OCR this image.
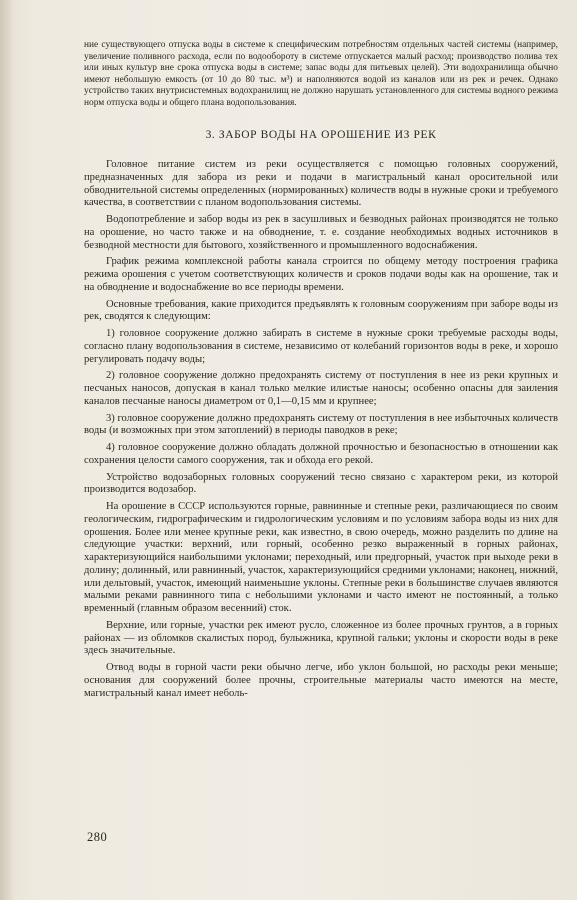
ние существующего отпуска воды в системе к специфическим потребностям отдельных частей системы (например, увеличение поливного расхода, если по водообороту в системе отпускается малый расход; производство полива тех или иных культур вне срока отпуска воды в системе; запас воды для питьевых целей). Эти водохранилища обычно имеют небольшую емкость (от 10 до 80 тыс. м³) и наполняются водой из каналов или из рек и речек. Однако устройство таких внутрисистемных водохранилищ не должно нарушать установленного для системы водного режима норм отпуска воды и общего плана водопользования.

3. ЗАБОР ВОДЫ НА ОРОШЕНИЕ ИЗ РЕК

Головное питание систем из реки осуществляется с помощью головных сооружений, предназначенных для забора из реки и подачи в магистральный канал оросительной или обводнительной системы определенных (нормированных) количеств воды в нужные сроки и требуемого качества, в соответствии с планом водопользования системы.

Водопотребление и забор воды из рек в засушливых и безводных районах производятся не только на орошение, но часто также и на обводнение, т. е. создание необходимых водных источников в безводной местности для бытового, хозяйственного и промышленного водоснабжения.

График режима комплексной работы канала строится по общему методу построения графика режима орошения с учетом соответствующих количеств и сроков подачи воды как на орошение, так и на обводнение и водоснабжение во все периоды времени.

Основные требования, какие приходится предъявлять к головным сооружениям при заборе воды из рек, сводятся к следующим:

1) головное сооружение должно забирать в системе в нужные сроки требуемые расходы воды, согласно плану водопользования в системе, независимо от колебаний горизонтов воды в реке, и хорошо регулировать подачу воды;

2) головное сооружение должно предохранять систему от поступления в нее из реки крупных и песчаных наносов, допуская в канал только мелкие илистые наносы; особенно опасны для заиления каналов песчаные наносы диаметром от 0,1—0,15 мм и крупнее;

3) головное сооружение должно предохранять систему от поступления в нее избыточных количеств воды (и возможных при этом затоплений) в периоды паводков в реке;

4) головное сооружение должно обладать должной прочностью и безопасностью в отношении как сохранения целости самого сооружения, так и обхода его рекой.

Устройство водозаборных головных сооружений тесно связано с характером реки, из которой производится водозабор.

На орошение в СССР используются горные, равнинные и степные реки, различающиеся по своим геологическим, гидрографическим и гидрологическим условиям и по условиям забора воды из них для орошения. Более или менее крупные реки, как известно, в свою очередь, можно разделить по длине на следующие участки: верхний, или горный, особенно резко выраженный в горных районах, характеризующийся наибольшими уклонами; переходный, или предгорный, участок при выходе реки в долину; долинный, или равнинный, участок, характеризующийся средними уклонами; наконец, нижний, или дельтовый, участок, имеющий наименьшие уклоны. Степные реки в большинстве случаев являются малыми реками равнинного типа с небольшими уклонами и часто имеют не постоянный, а только временный (главным образом весенний) сток.

Верхние, или горные, участки рек имеют русло, сложенное из более прочных грунтов, а в горных районах — из обломков скалистых пород, булыжника, крупной гальки; уклоны и скорости воды в реке здесь значительные.

Отвод воды в горной части реки обычно легче, ибо уклон большой, но расходы реки меньше; основания для сооружений более прочны, строительные материалы часто имеются на месте, магистральный канал имеет неболь-

280
